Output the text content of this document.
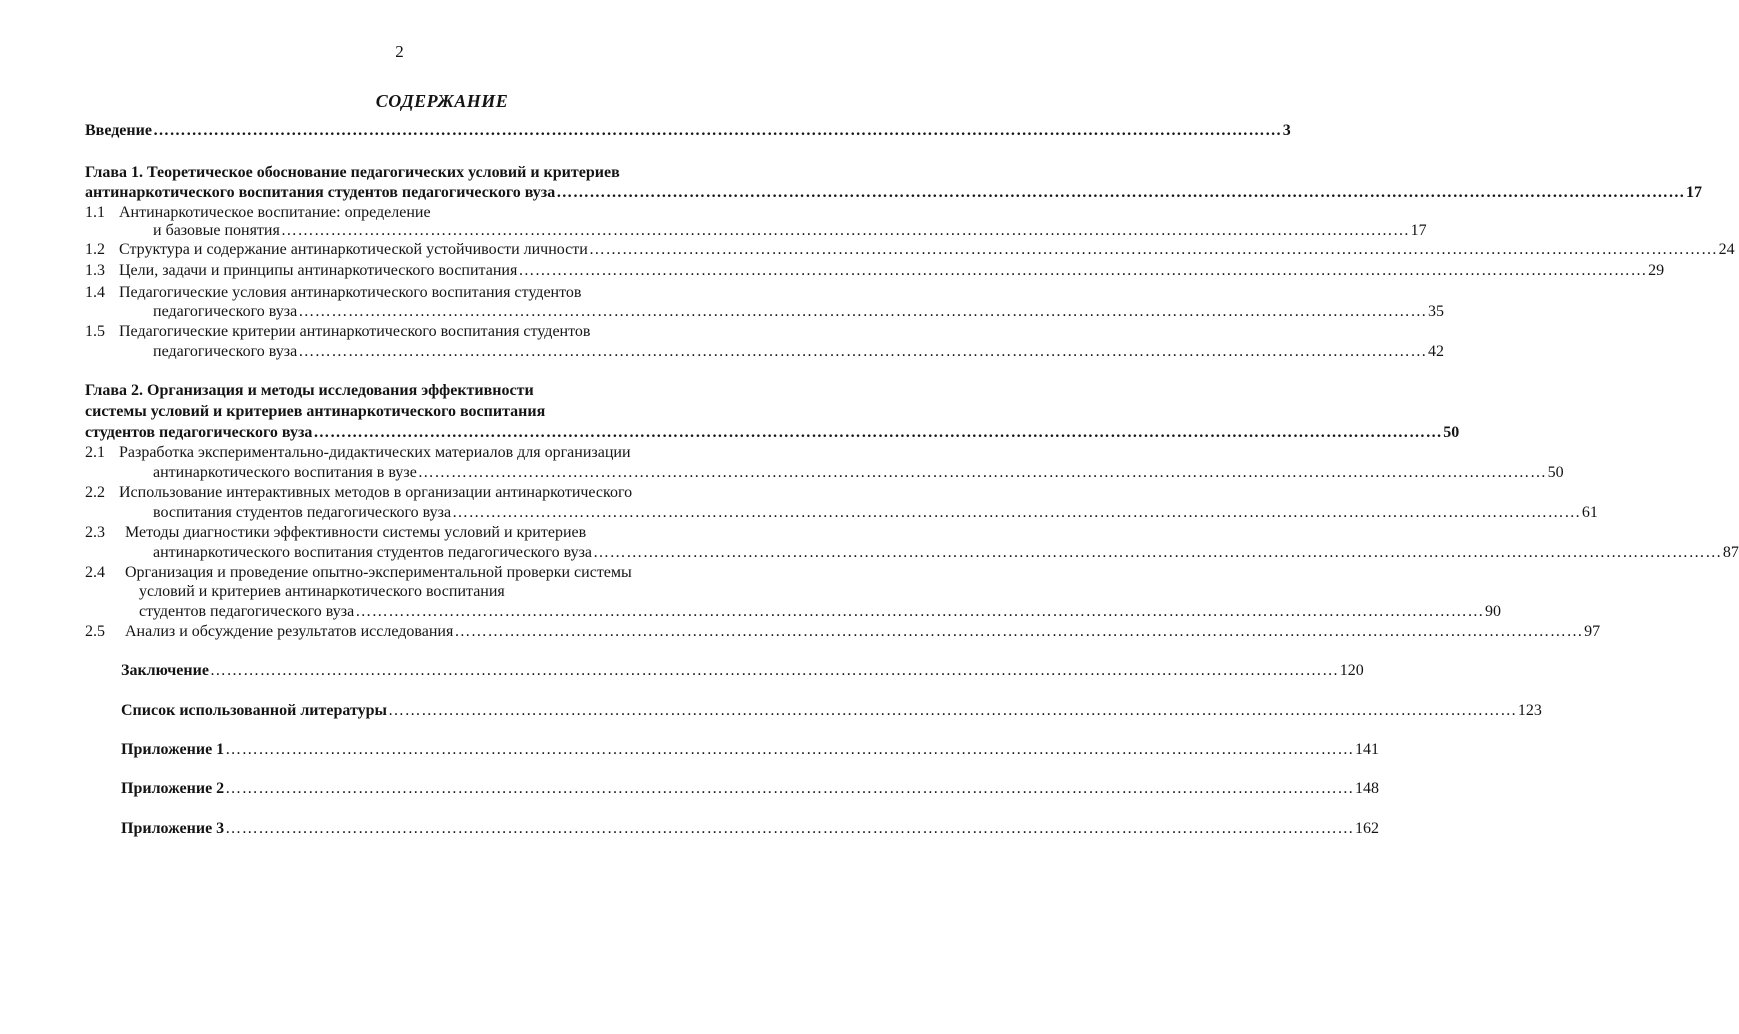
2
СОДЕРЖАНИЕ
Введение …………………………………………………………………………………………………………………………………………………………………………………… 3
Глава 1. Теоретическое обоснование педагогических условий и критериев
антинаркотического воспитания студентов педагогического вуза …………………………………………………………………………………………………………………………………………………………………………………… 17
1.1 Антинаркотическое воспитание: определение
и базовые понятия …………………………………………………………………………………………………………………………………………………………………………………… 17
1.2 Структура и содержание антинаркотической устойчивости личности …………………………………………………………………………………………………………………………………………………………………………………… 24
1.3 Цели, задачи и принципы антинаркотического воспитания …………………………………………………………………………………………………………………………………………………………………………………… 29
1.4 Педагогические условия антинаркотического воспитания студентов
педагогического вуза …………………………………………………………………………………………………………………………………………………………………………………… 35
1.5 Педагогические критерии антинаркотического воспитания студентов
педагогического вуза …………………………………………………………………………………………………………………………………………………………………………………… 42
Глава 2. Организация и методы исследования эффективности
системы условий и критериев антинаркотического воспитания
студентов педагогического вуза …………………………………………………………………………………………………………………………………………………………………………………… 50
2.1 Разработка экспериментально-дидактических материалов для организации
антинаркотического воспитания в вузе …………………………………………………………………………………………………………………………………………………………………………………… 50
2.2 Использование интерактивных методов в организации антинаркотического
воспитания студентов педагогического вуза …………………………………………………………………………………………………………………………………………………………………………………… 61
2.3 Методы диагностики эффективности системы условий и критериев
антинаркотического воспитания студентов педагогического вуза …………………………………………………………………………………………………………………………………………………………………………………… 87
2.4 Организация и проведение опытно-экспериментальной проверки системы
условий и критериев антинаркотического воспитания
студентов педагогического вуза …………………………………………………………………………………………………………………………………………………………………………………… 90
2.5	Анализ и обсуждение результатов исследования …………………………………………………………………………………………………………………………………………………………………………………… 97
Заключение …………………………………………………………………………………………………………………………………………………………………………………… 120
Список использованной литературы …………………………………………………………………………………………………………………………………………………………………………………… 123
Приложение 1 …………………………………………………………………………………………………………………………………………………………………………………… 141
Приложение 2 …………………………………………………………………………………………………………………………………………………………………………………… 148
Приложение 3 …………………………………………………………………………………………………………………………………………………………………………………… 162
